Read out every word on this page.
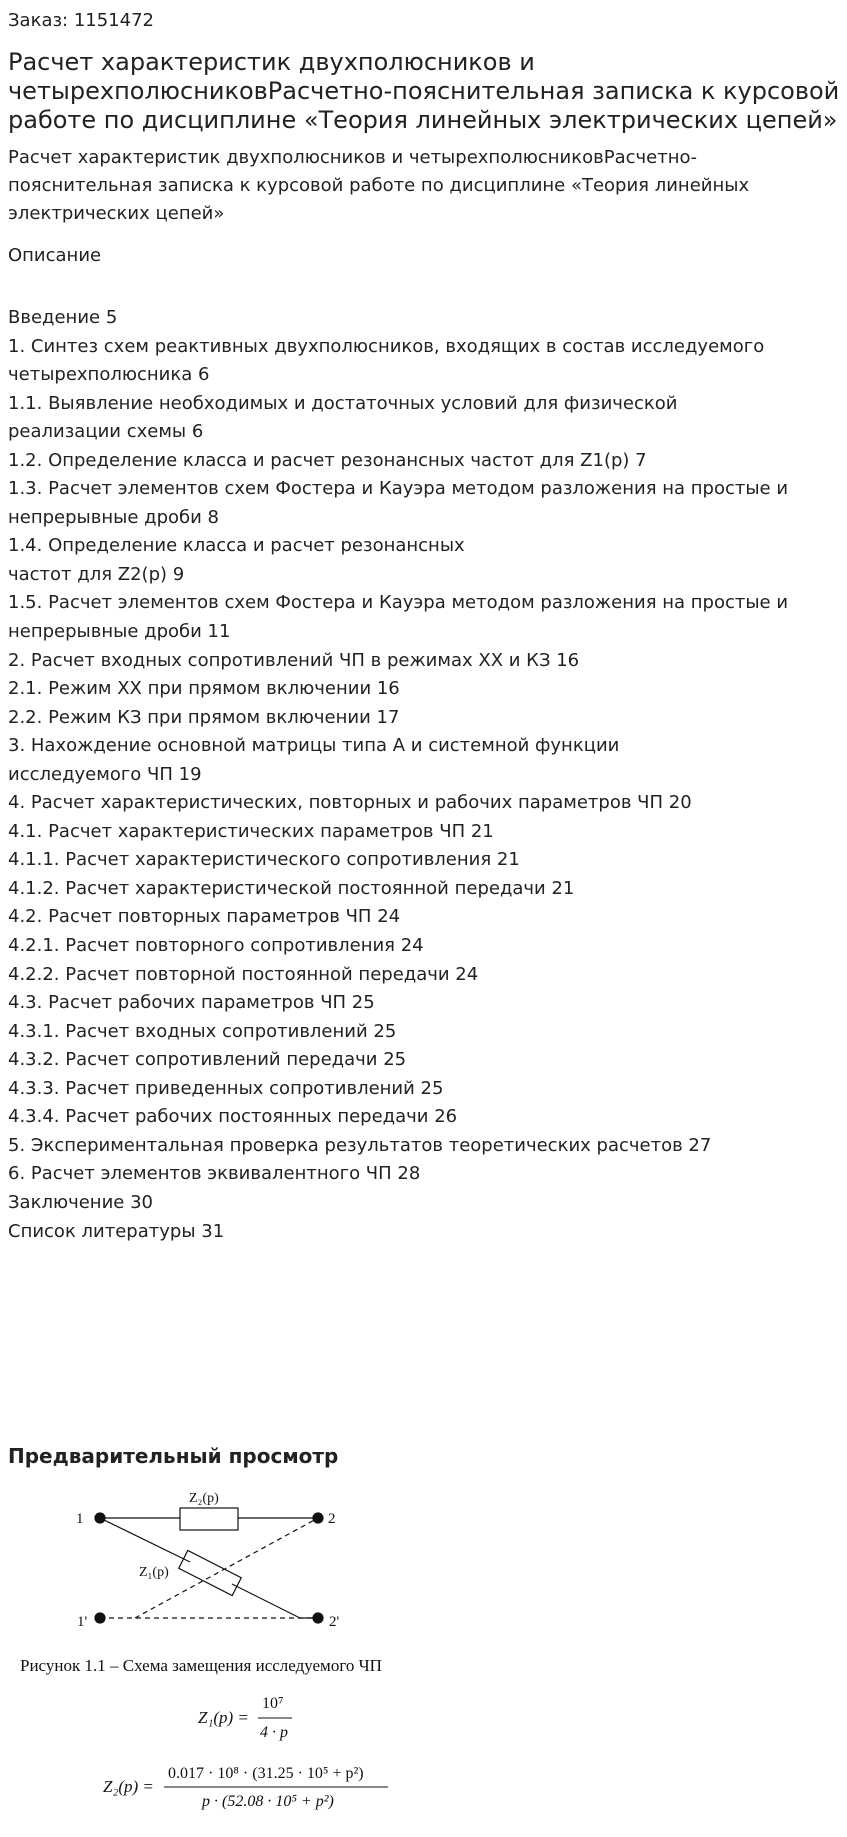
Заказ: 1151472
Расчет характеристик двухполюсников и четырехполюсниковРасчетно-пояснительная записка к курсовой работе по дисциплине «Теория линейных электрических цепей»

Расчет характеристик двухполюсников и четырехполюсниковРасчетно-пояснительная записка к курсовой работе по дисциплине «Теория линейных электрических цепей»

Описание

Введение 5
1. Синтез схем реактивных двухполюсников, входящих в состав исследуемого
четырехполюсника 6
1.1. Выявление необходимых и достаточных условий для физической
реализации схемы 6
1.2. Определение класса и расчет резонансных частот для Z1(p) 7
1.3. Расчет элементов схем Фостера и Кауэра методом разложения на простые и
непрерывные дроби 8
1.4. Определение класса и расчет резонансных
частот для Z2(p) 9
1.5. Расчет элементов схем Фостера и Кауэра методом разложения на простые и
непрерывные дроби 11
2. Расчет входных сопротивлений ЧП в режимах ХХ и КЗ 16
2.1. Режим ХХ при прямом включении 16
2.2. Режим КЗ при прямом включении 17
3. Нахождение основной матрицы типа А и системной функции
исследуемого ЧП 19
4. Расчет характеристических, повторных и рабочих параметров ЧП 20
4.1. Расчет характеристических параметров ЧП 21
4.1.1. Расчет характеристического сопротивления 21
4.1.2. Расчет характеристической постоянной передачи 21
4.2. Расчет повторных параметров ЧП 24
4.2.1. Расчет повторного сопротивления 24
4.2.2. Расчет повторной постоянной передачи 24
4.3. Расчет рабочих параметров ЧП 25
4.3.1. Расчет входных сопротивлений 25
4.3.2. Расчет сопротивлений передачи 25
4.3.3. Расчет приведенных сопротивлений 25
4.3.4. Расчет рабочих постоянных передачи 26
5. Экспериментальная проверка результатов теоретических расчетов 27
6. Расчет элементов эквивалентного ЧП 28
Заключение 30
Список литературы 31
Предварительный просмотр
1	2
1'	2'
Z₂(p)
Z₁(p)
Рисунок 1.1 – Схема замещения исследуемого ЧП
Z₁(p) =
10⁷
4 · p
Z₂(p) =
0.017 · 10⁸ · (31.25 · 10⁵ + p²)
p · (52.08 · 10⁵ + p²)
